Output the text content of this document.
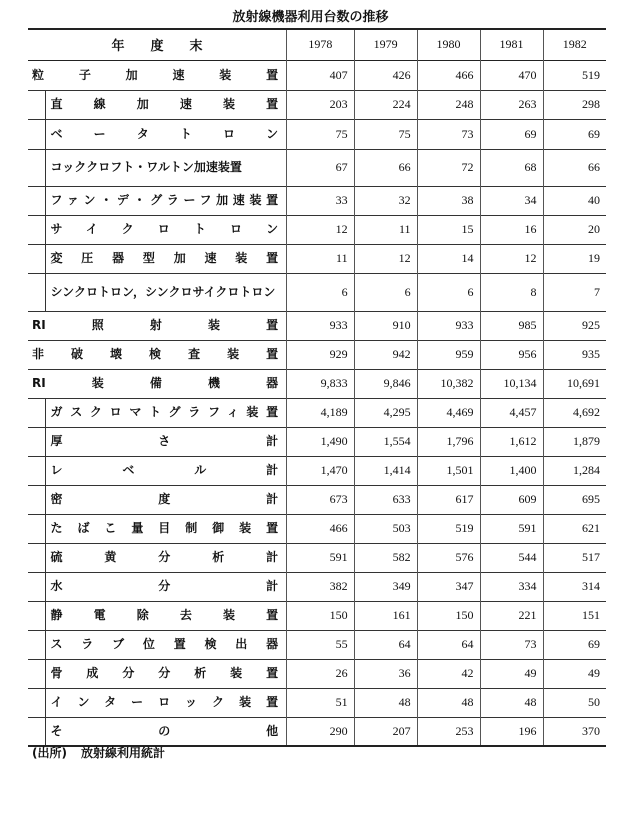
放射線機器利用台数の推移
年度末		1978	1979	1980	1981	1982
粒子加速装置		407	426	466	470	519
	直線加速装置	203	224	248	263	298
	ベータトロン	75	75	73	69	69
	コッククロフト・ワルトン加速装置	67	66	72	68	66
	ファン・デ・グラーフ加速装置	33	32	38	34	40
	サイクロトロン	12	11	15	16	20
	変圧器型加速装置	11	12	14	12	19
	シンクロトロン，シンクロサイクロトロン	6	6	6	8	7
RI照射装置		933	910	933	985	925
非破壊検査装置		929	942	959	956	935
RI装備機器		9,833	9,846	10,382	10,134	10,691
	ガスクロマトグラフィ装置	4,189	4,295	4,469	4,457	4,692
	厚さ計	1,490	1,554	1,796	1,612	1,879
	レベル計	1,470	1,414	1,501	1,400	1,284
	密度計	673	633	617	609	695
	たばこ量目制御装置	466	503	519	591	621
	硫黄分析計	591	582	576	544	517
	水分計	382	349	347	334	314
	静電除去装置	150	161	150	221	151
	スラブ位置検出器	55	64	64	73	69
	骨成分分析装置	26	36	42	49	49
	インターロック装置	51	48	48	48	50
	その他	290	207	253	196	370
(出所) 放射線利用統計
